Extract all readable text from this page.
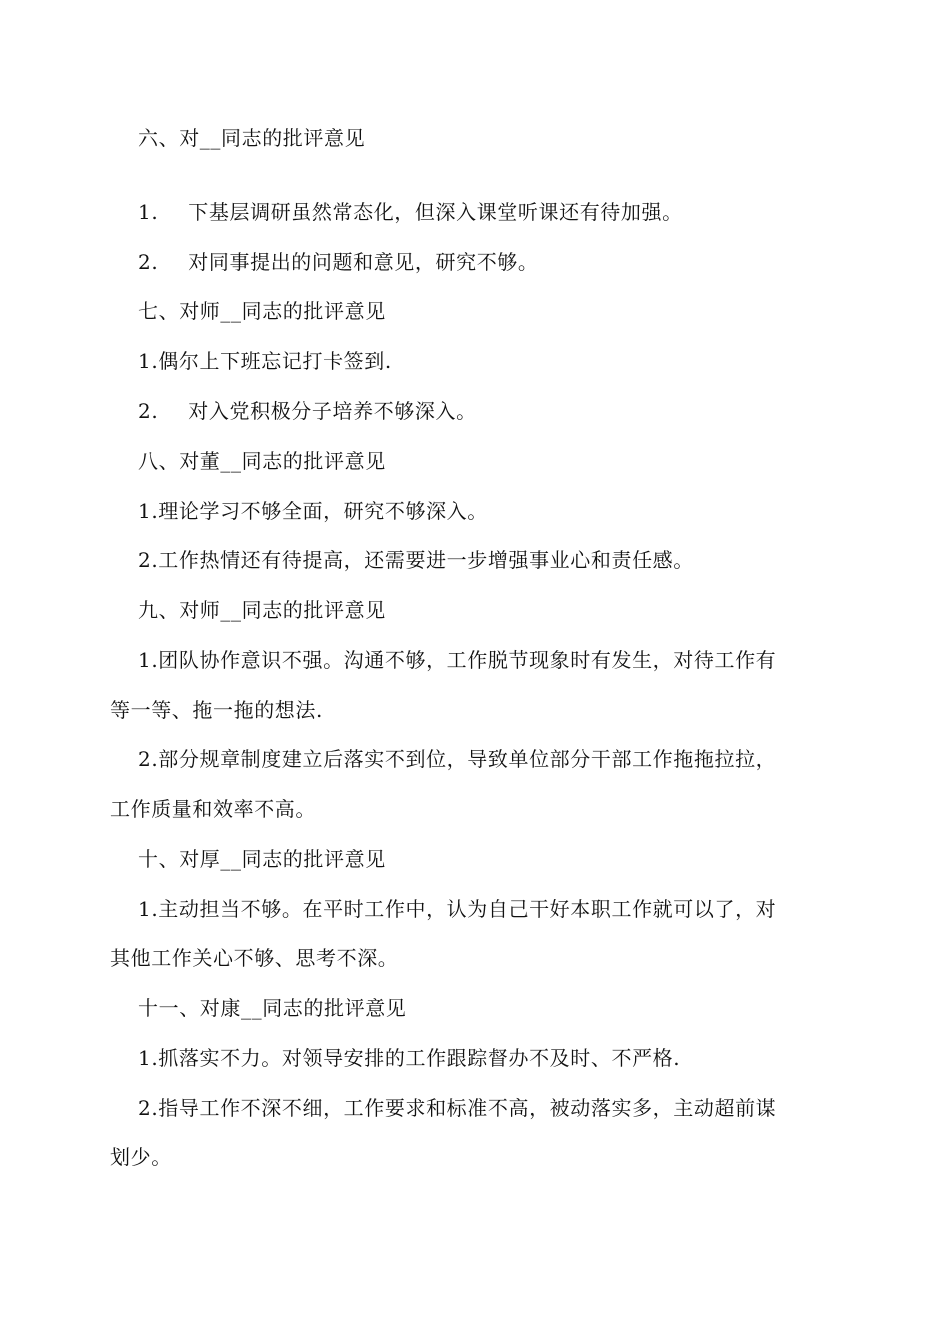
六、对__同志的批评意见
1. 下基层调研虽然常态化，但深入课堂听课还有待加强。
2. 对同事提出的问题和意见，研究不够。
七、对师__同志的批评意见
1.偶尔上下班忘记打卡签到.
2. 对入党积极分子培养不够深入。
八、对董__同志的批评意见
1.理论学习不够全面，研究不够深入。
2.工作热情还有待提高，还需要进一步增强事业心和责任感。
九、对师__同志的批评意见
1.团队协作意识不强。沟通不够，工作脱节现象时有发生，对待工作有
等一等、拖一拖的想法.
2.部分规章制度建立后落实不到位，导致单位部分干部工作拖拖拉拉，
工作质量和效率不高。
十、对厚__同志的批评意见
1.主动担当不够。在平时工作中，认为自己干好本职工作就可以了，对
其他工作关心不够、思考不深。
十一、对康__同志的批评意见
1.抓落实不力。对领导安排的工作跟踪督办不及时、不严格.
2.指导工作不深不细，工作要求和标准不高，被动落实多，主动超前谋
划少。
